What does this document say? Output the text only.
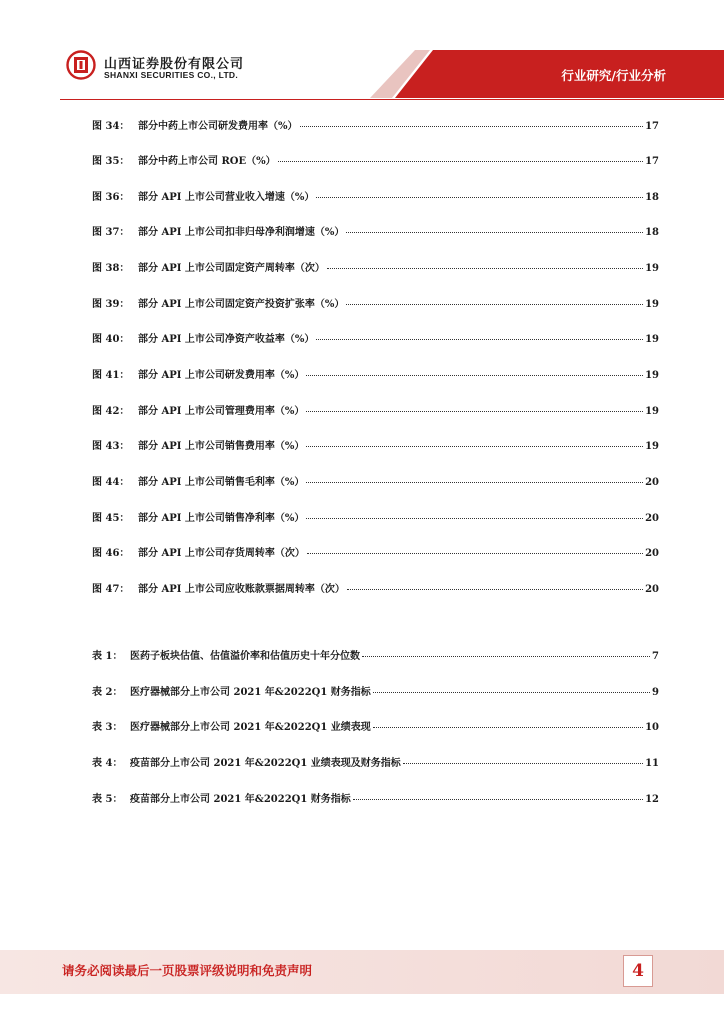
山西证券股份有限公司
SHANXI SECURITIES CO., LTD.	行业研究/行业分析
图 34： 部分中药上市公司研发费用率（%）	17
图 35： 部分中药上市公司 ROE（%）	17
图 36： 部分 API 上市公司营业收入增速（%）	18
图 37： 部分 API 上市公司扣非归母净利润增速（%）	18
图 38： 部分 API 上市公司固定资产周转率（次）	19
图 39： 部分 API 上市公司固定资产投资扩张率（%）	19
图 40： 部分 API 上市公司净资产收益率（%）	19
图 41： 部分 API 上市公司研发费用率（%）	19
图 42： 部分 API 上市公司管理费用率（%）	19
图 43： 部分 API 上市公司销售费用率（%）	19
图 44： 部分 API 上市公司销售毛利率（%）	20
图 45： 部分 API 上市公司销售净利率（%）	20
图 46： 部分 API 上市公司存货周转率（次）	20
图 47： 部分 API 上市公司应收账款票据周转率（次）	20
表 1： 医药子板块估值、估值溢价率和估值历史十年分位数	7
表 2： 医疗器械部分上市公司 2021 年&2022Q1 财务指标	9
表 3： 医疗器械部分上市公司 2021 年&2022Q1 业绩表现	10
表 4： 疫苗部分上市公司 2021 年&2022Q1 业绩表现及财务指标	11
表 5： 疫苗部分上市公司 2021 年&2022Q1 财务指标	12
请务必阅读最后一页股票评级说明和免责声明	4
